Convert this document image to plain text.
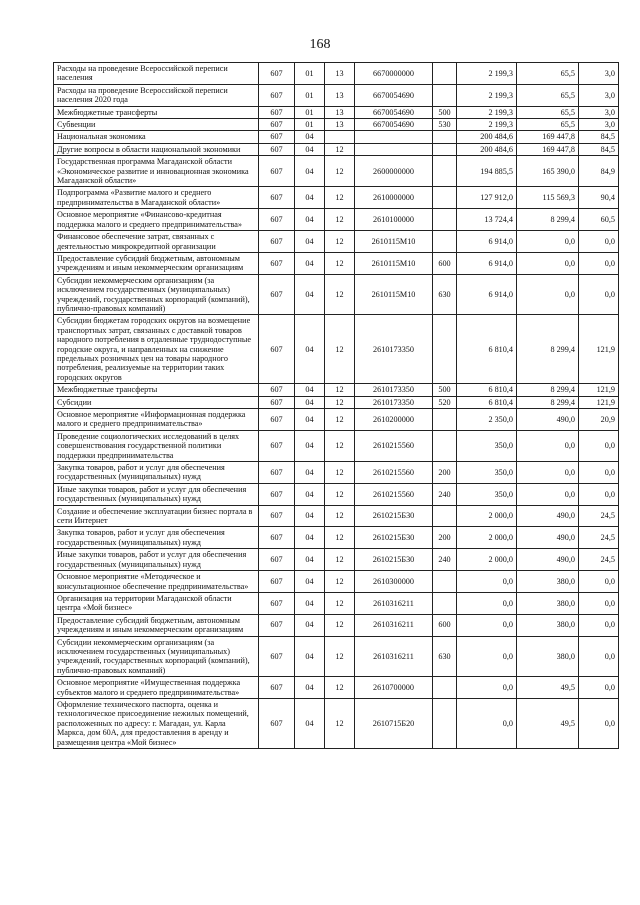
168
Расходы на проведение Всероссийской переписи населения	607	01	13	6670000000		2 199,3	65,5	3,0
Расходы на проведение Всероссийской переписи населения 2020 года	607	01	13	6670054690		2 199,3	65,5	3,0
Межбюджетные трансферты	607	01	13	6670054690	500	2 199,3	65,5	3,0
Субвенции	607	01	13	6670054690	530	2 199,3	65,5	3,0
Национальная экономика	607	04				200 484,6	169 447,8	84,5
Другие вопросы в области национальной экономики	607	04	12			200 484,6	169 447,8	84,5
Государственная программа Магаданской области «Экономическое развитие и инновационная экономика Магаданской области»	607	04	12	2600000000		194 885,5	165 390,0	84,9
Подпрограмма «Развитие малого и среднего предпринимательства в Магаданской области»	607	04	12	2610000000		127 912,0	115 569,3	90,4
Основное мероприятие «Финансово-кредитная поддержка малого и среднего предпринимательства»	607	04	12	2610100000		13 724,4	8 299,4	60,5
Финансовое обеспечение затрат, связанных с деятельностью микрокредитной организации	607	04	12	2610115М10		6 914,0	0,0	0,0
Предоставление субсидий бюджетным, автономным учреждениям и иным некоммерческим организациям	607	04	12	2610115М10	600	6 914,0	0,0	0,0
Субсидии некоммерческим организациям (за исключением государственных (муниципальных) учреждений, государственных корпораций (компаний), публично-правовых компаний)	607	04	12	2610115М10	630	6 914,0	0,0	0,0
Субсидии бюджетам городских округов на возмещение транспортных затрат, связанных с доставкой товаров народного потребления в отдаленные труднодоступные городские округа, и направленных на снижение предельных розничных цен на товары народного потребления, реализуемые на территории таких городских округов	607	04	12	2610173350		6 810,4	8 299,4	121,9
Межбюджетные трансферты	607	04	12	2610173350	500	6 810,4	8 299,4	121,9
Субсидии	607	04	12	2610173350	520	6 810,4	8 299,4	121,9
Основное мероприятие «Информационная поддержка малого и среднего предпринимательства»	607	04	12	2610200000		2 350,0	490,0	20,9
Проведение социологических исследований в целях совершенствования государственной политики поддержки предпринимательства	607	04	12	2610215560		350,0	0,0	0,0
Закупка товаров, работ и услуг для обеспечения государственных (муниципальных) нужд	607	04	12	2610215560	200	350,0	0,0	0,0
Иные закупки товаров, работ и услуг для обеспечения государственных (муниципальных) нужд	607	04	12	2610215560	240	350,0	0,0	0,0
Создание и обеспечение эксплуатации бизнес портала в сети Интернет	607	04	12	2610215Б30		2 000,0	490,0	24,5
Закупка товаров, работ и услуг для обеспечения государственных (муниципальных) нужд	607	04	12	2610215Б30	200	2 000,0	490,0	24,5
Иные закупки товаров, работ и услуг для обеспечения государственных (муниципальных) нужд	607	04	12	2610215Б30	240	2 000,0	490,0	24,5
Основное мероприятие «Методическое и консультационное обеспечение предпринимательства»	607	04	12	2610300000		0,0	380,0	0,0
Организация на территории Магаданской области центра «Мой бизнес»	607	04	12	2610316211		0,0	380,0	0,0
Предоставление субсидий бюджетным, автономным учреждениям и иным некоммерческим организациям	607	04	12	2610316211	600	0,0	380,0	0,0
Субсидии некоммерческим организациям (за исключением государственных (муниципальных) учреждений, государственных корпораций (компаний), публично-правовых компаний)	607	04	12	2610316211	630	0,0	380,0	0,0
Основное мероприятие «Имущественная поддержка субъектов малого и среднего предпринимательства»	607	04	12	2610700000		0,0	49,5	0,0
Оформление технического паспорта, оценка и технологическое присоединение нежилых помещений, расположенных по адресу: г. Магадан, ул. Карла Маркса, дом 60А, для предоставления в аренду и размещения центра «Мой бизнес»	607	04	12	2610715Б20		0,0	49,5	0,0
